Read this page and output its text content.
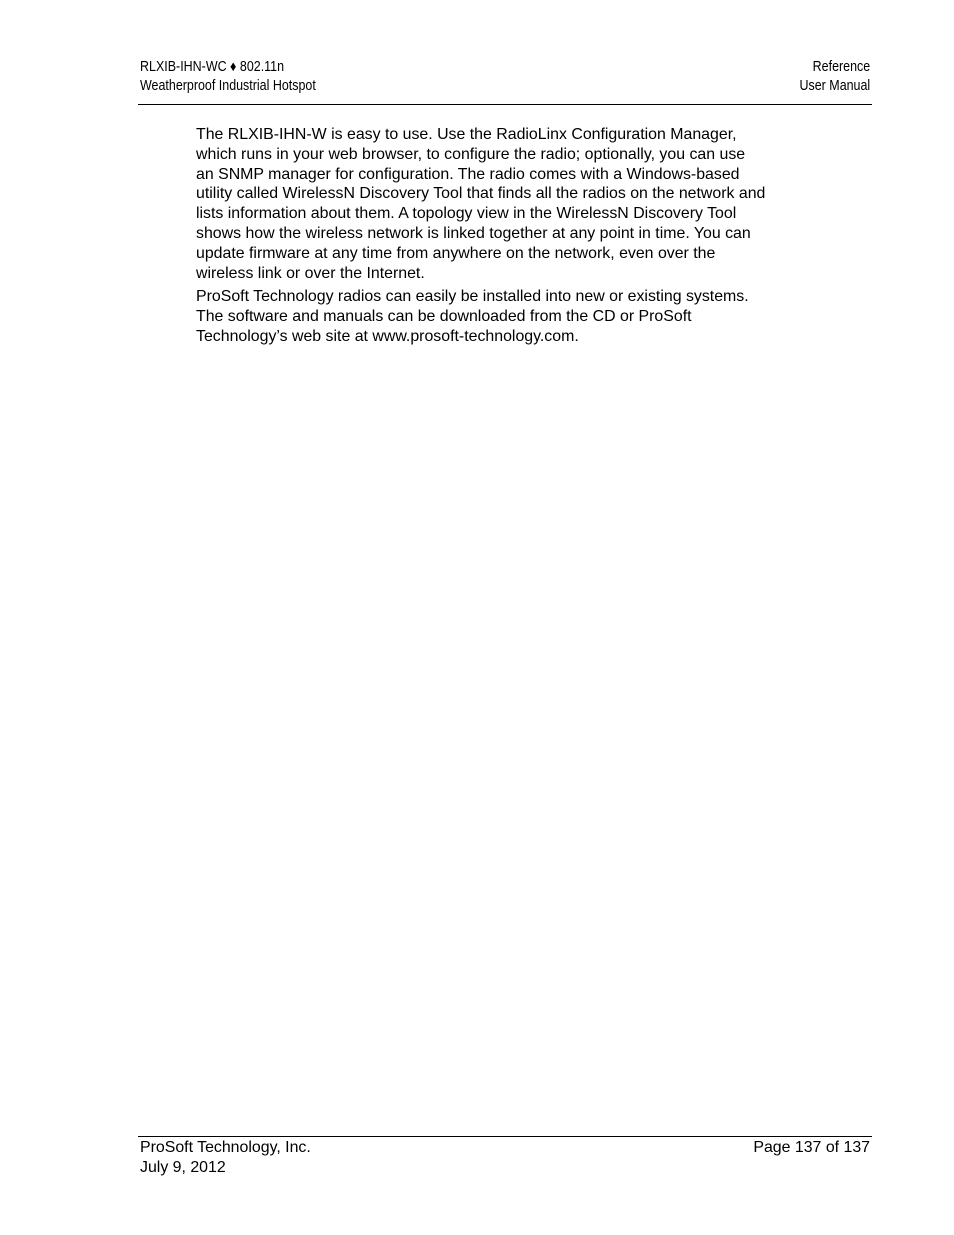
RLXIB-IHN-WC ♦ 802.11n
Weatherproof Industrial Hotspot
Reference
User Manual

The RLXIB-IHN-W is easy to use. Use the RadioLinx Configuration Manager,
which runs in your web browser, to configure the radio; optionally, you can use
an SNMP manager for configuration. The radio comes with a Windows-based
utility called WirelessN Discovery Tool that finds all the radios on the network and
lists information about them. A topology view in the WirelessN Discovery Tool
shows how the wireless network is linked together at any point in time. You can
update firmware at any time from anywhere on the network, even over the
wireless link or over the Internet.

ProSoft Technology radios can easily be installed into new or existing systems.
The software and manuals can be downloaded from the CD or ProSoft
Technology’s web site at www.prosoft-technology.com.

ProSoft Technology, Inc.
July 9, 2012
Page 137 of 137
